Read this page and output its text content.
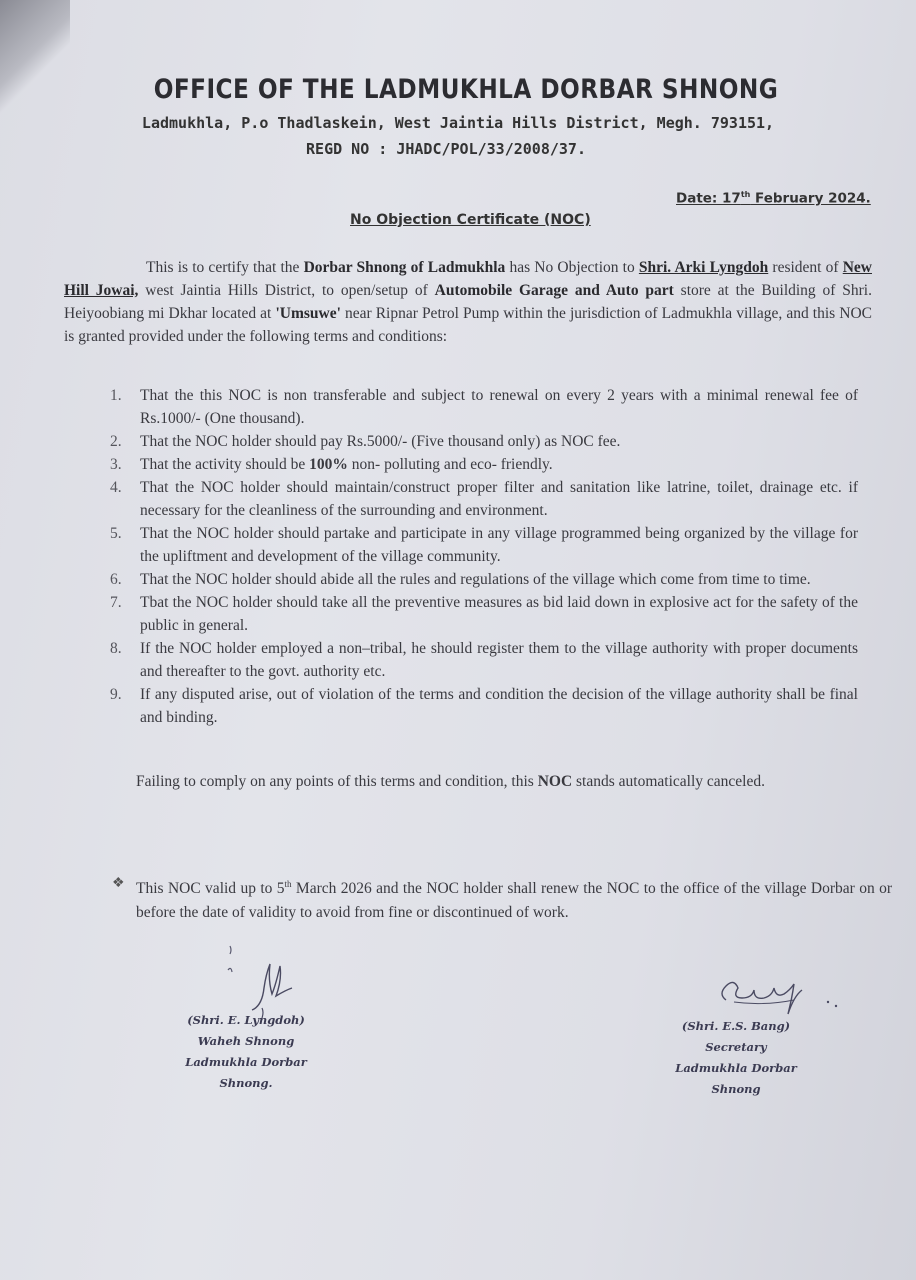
OFFICE OF THE LADMUKHLA DORBAR SHNONG
Ladmukhla, P.o Thadlaskein, West Jaintia Hills District, Megh. 793151,
REGD NO : JHADC/POL/33/2008/37.
Date: 17th February 2024.
No Objection Certificate (NOC)
This is to certify that the Dorbar Shnong of Ladmukhla has No Objection to Shri. Arki Lyngdoh resident of New Hill Jowai, west Jaintia Hills District, to open/setup of Automobile Garage and Auto part store at the Building of Shri. Heiyoobiang mi Dkhar located at 'Umsuwe' near Ripnar Petrol Pump within the jurisdiction of Ladmukhla village, and this NOC is granted provided under the following terms and conditions:
1. That the this NOC is non transferable and subject to renewal on every 2 years with a minimal renewal fee of Rs.1000/- (One thousand).
2. That the NOC holder should pay Rs.5000/- (Five thousand only) as NOC fee.
3. That the activity should be 100% non- polluting and eco- friendly.
4. That the NOC holder should maintain/construct proper filter and sanitation like latrine, toilet, drainage etc. if necessary for the cleanliness of the surrounding and environment.
5. That the NOC holder should partake and participate in any village programmed being organized by the village for the upliftment and development of the village community.
6. That the NOC holder should abide all the rules and regulations of the village which come from time to time.
7. Tbat the NOC holder should take all the preventive measures as bid laid down in explosive act for the safety of the public in general.
8. If the NOC holder employed a non–tribal, he should register them to the village authority with proper documents and thereafter to the govt. authority etc.
9. If any disputed arise, out of violation of the terms and condition the decision of the village authority shall be final and binding.
Failing to comply on any points of this terms and condition, this NOC stands automatically canceled.
❖ This NOC valid up to 5th March 2026 and the NOC holder shall renew the NOC to the office of the village Dorbar on or before the date of validity to avoid from fine or discontinued of work.
(Shri. E. Lyngdoh)
Waheh Shnong
Ladmukhla Dorbar Shnong.
(Shri. E.S. Bang)
Secretary
Ladmukhla Dorbar Shnong
